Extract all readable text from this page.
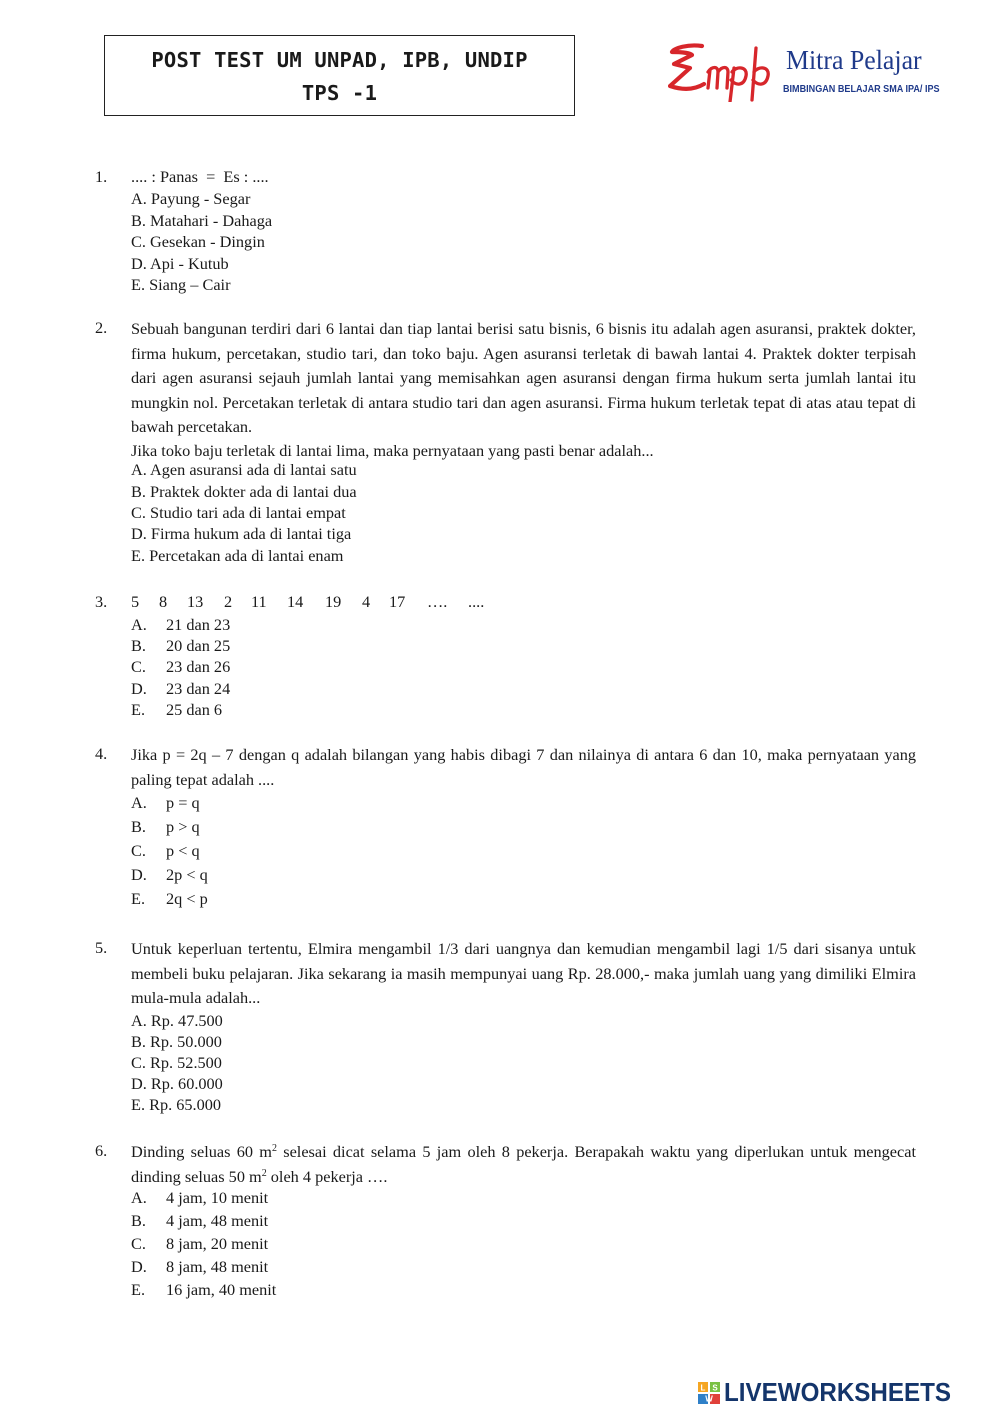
POST TEST UM UNPAD, IPB, UNDIP
TPS -1
Mitra Pelajar
BIMBINGAN BELAJAR SMA IPA/ IPS
1. .... : Panas  =  Es : ....

A. Payung - Segar
B. Matahari - Dahaga
C. Gesekan - Dingin
D. Api - Kutub
E. Siang – Cair
2. Sebuah bangunan terdiri dari 6 lantai dan tiap lantai berisi satu bisnis, 6 bisnis itu adalah agen asuransi, praktek dokter, firma hukum, percetakan, studio tari, dan toko baju. Agen asuransi terletak di bawah lantai 4. Praktek dokter terpisah dari agen asuransi sejauh jumlah lantai yang memisahkan agen asuransi dengan firma hukum serta jumlah lantai itu mungkin nol. Percetakan terletak di antara studio tari dan agen asuransi. Firma hukum terletak tepat di atas atau tepat di bawah percetakan.

Jika toko baju terletak di lantai lima, maka pernyataan yang pasti benar adalah...

A. Agen asuransi ada di lantai satu
B. Praktek dokter ada di lantai dua
C. Studio tari ada di lantai empat
D. Firma hukum ada di lantai tiga
E. Percetakan ada di lantai enam
3. 5 8 13 2 11 14 19 4 17 …. ....
A. 21 dan 23
B. 20 dan 25
C. 23 dan 26
D. 23 dan 24
E. 25 dan 6
4. Jika p = 2q – 7 dengan q adalah bilangan yang habis dibagi 7 dan nilainya di antara 6 dan 10, maka pernyataan yang paling tepat adalah ....

A. p = q
B. p > q
C. p < q
D. 2p < q
E. 2q < p
5. Untuk keperluan tertentu, Elmira mengambil 1/3 dari uangnya dan kemudian mengambil lagi 1/5 dari sisanya untuk membeli buku pelajaran. Jika sekarang ia masih mempunyai uang Rp. 28.000,- maka jumlah uang yang dimiliki Elmira mula-mula adalah...

A. Rp. 47.500
B. Rp. 50.000
C. Rp. 52.500
D. Rp. 60.000
E. Rp. 65.000
6. Dinding seluas 60 $m^2$ selesai dicat selama 5 jam oleh 8 pekerja. Berapakah waktu yang diperlukan untuk mengecat dinding seluas 50 $m^2$ oleh 4 pekerja ….

A. 4 jam, 10 menit
B. 4 jam, 48 menit
C. 8 jam, 20 menit
D. 8 jam, 48 menit
E. 16 jam, 40 menit
L
W
S LIVEWORKSHEETS
